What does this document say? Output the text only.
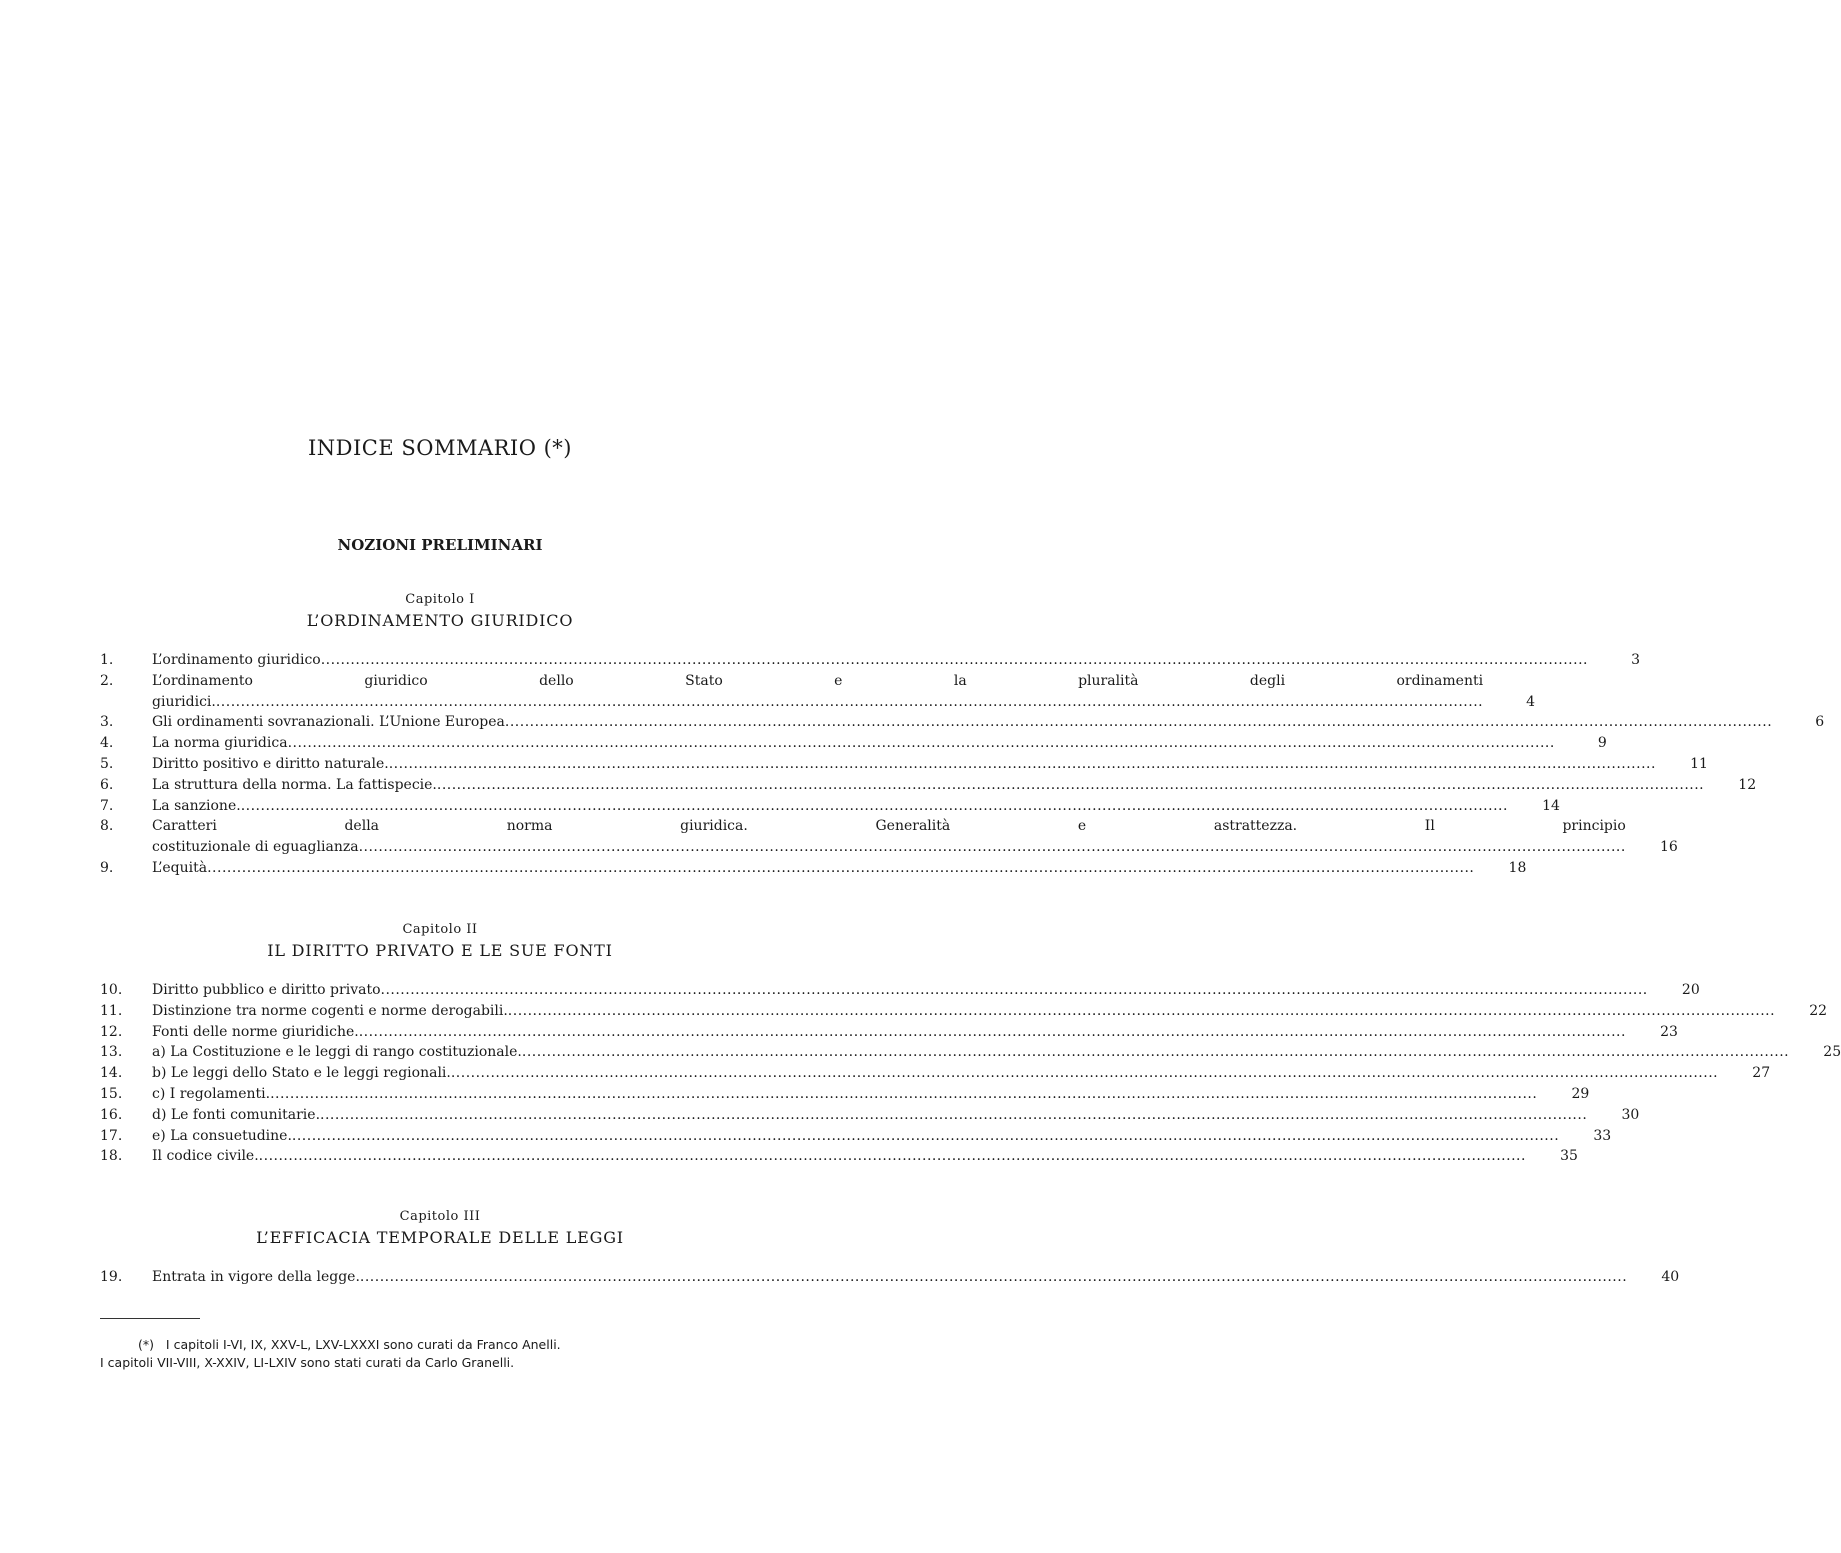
INDICE SOMMARIO (*)
NOZIONI PRELIMINARI
Capitolo I
L’ORDINAMENTO GIURIDICO
1.	L’ordinamento giuridico .....	3
2.	L’ordinamento giuridico dello Stato e la pluralità degli ordinamenti
giuridici. .....	4
3.	Gli ordinamenti sovranazionali. L’Unione Europea .....	6
4.	La norma giuridica .....	9
5.	Diritto positivo e diritto naturale. .....	11
6.	La struttura della norma. La fattispecie. .....	12
7.	La sanzione. .....	14
8.	Caratteri della norma giuridica. Generalità e astrattezza. Il principio
costituzionale di eguaglianza .....	16
9.	L’equità .....	18
Capitolo II
IL DIRITTO PRIVATO E LE SUE FONTI
10.	Diritto pubblico e diritto privato .....	20
11.	Distinzione tra norme cogenti e norme derogabili. .....	22
12.	Fonti delle norme giuridiche. .....	23
13.	a) La Costituzione e le leggi di rango costituzionale. .....	25
14.	b) Le leggi dello Stato e le leggi regionali. .....	27
15.	c) I regolamenti. .....	29
16.	d) Le fonti comunitarie. .....	30
17.	e) La consuetudine. .....	33
18.	Il codice civile. .....	35
Capitolo III
L’EFFICACIA TEMPORALE DELLE LEGGI
19.	Entrata in vigore della legge. .....	40
(*)   I capitoli I-VI, IX, XXV-L, LXV-LXXXI sono curati da Franco Anelli.
I capitoli VII-VIII, X-XXIV, LI-LXIV sono stati curati da Carlo Granelli.
